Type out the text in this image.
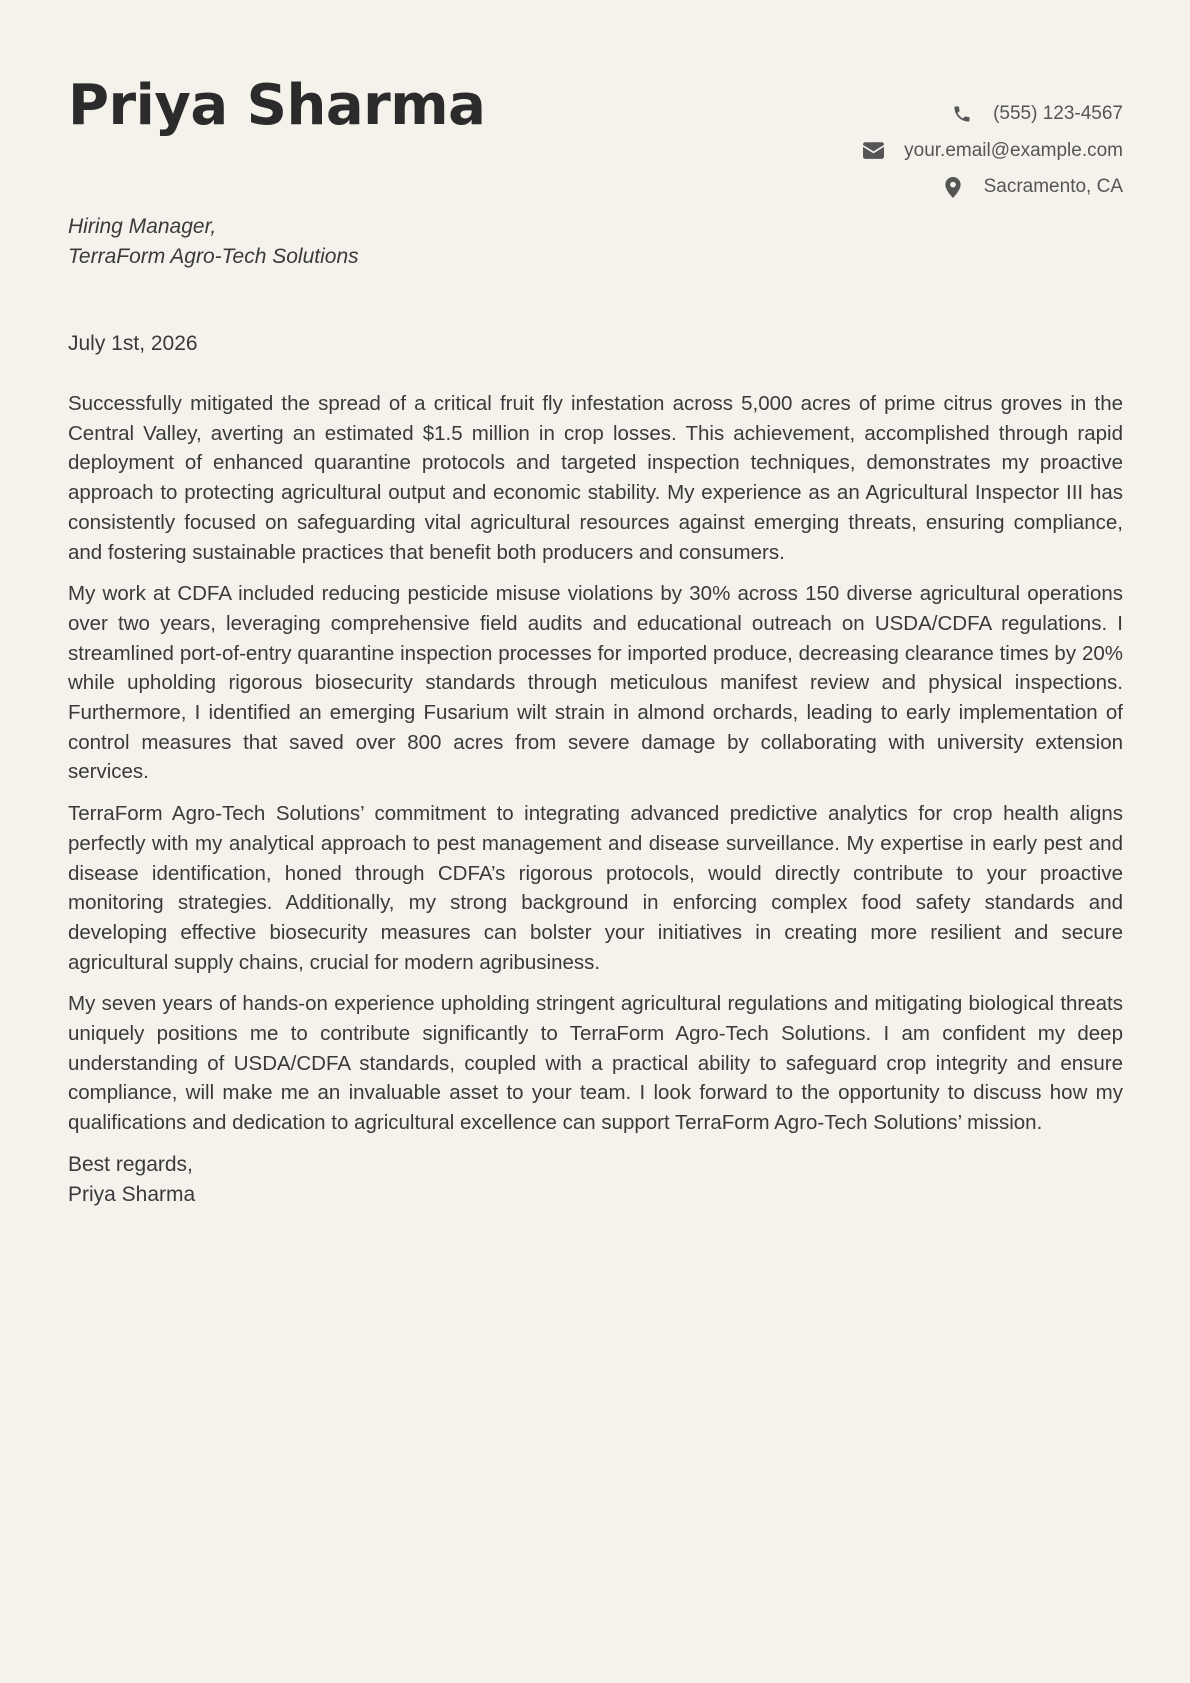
Priya Sharma	(555) 123-4567
your.email@example.com
Sacramento, CA
Hiring Manager,
TerraForm Agro-Tech Solutions
July 1st, 2026

Successfully mitigated the spread of a critical fruit fly infestation across 5,000 acres of prime citrus groves in the Central Valley, averting an estimated $1.5 million in crop losses. This achievement, accomplished through rapid deployment of enhanced quarantine protocols and targeted inspection techniques, demonstrates my proactive approach to protecting agricultural output and economic stability. My experience as an Agricultural Inspector III has consistently focused on safeguarding vital agricultural resources against emerging threats, ensuring compliance, and fostering sustainable practices that benefit both producers and consumers.

My work at CDFA included reducing pesticide misuse violations by 30% across 150 diverse agricultural operations over two years, leveraging comprehensive field audits and educational outreach on USDA/CDFA regulations. I streamlined port-of-entry quarantine inspection processes for imported produce, decreasing clearance times by 20% while upholding rigorous biosecurity standards through meticulous manifest review and physical inspections. Furthermore, I identified an emerging Fusarium wilt strain in almond orchards, leading to early implementation of control measures that saved over 800 acres from severe damage by collaborating with university extension services.

TerraForm Agro-Tech Solutions’ commitment to integrating advanced predictive analytics for crop health aligns perfectly with my analytical approach to pest management and disease surveillance. My expertise in early pest and disease identification, honed through CDFA’s rigorous protocols, would directly contribute to your proactive monitoring strategies. Additionally, my strong background in enforcing complex food safety standards and developing effective biosecurity measures can bolster your initiatives in creating more resilient and secure agricultural supply chains, crucial for modern agribusiness.

My seven years of hands-on experience upholding stringent agricultural regulations and mitigating biological threats uniquely positions me to contribute significantly to TerraForm Agro-Tech Solutions. I am confident my deep understanding of USDA/CDFA standards, coupled with a practical ability to safeguard crop integrity and ensure compliance, will make me an invaluable asset to your team. I look forward to the opportunity to discuss how my qualifications and dedication to agricultural excellence can support TerraForm Agro-Tech Solutions’ mission.

Best regards,
Priya Sharma
